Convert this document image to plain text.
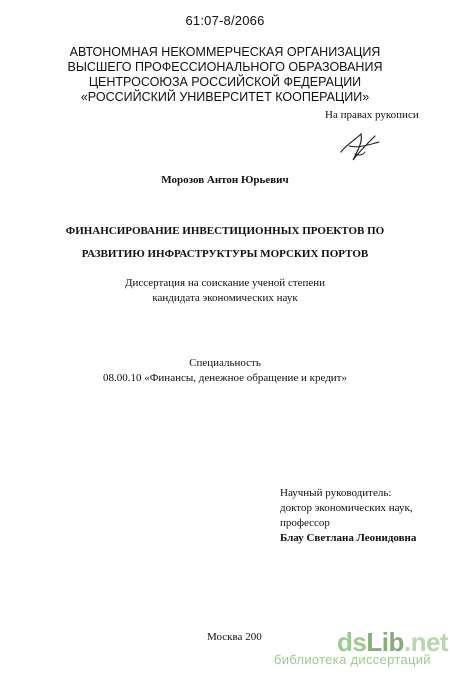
61:07-8/2066
АВТОНОМНАЯ НЕКОММЕРЧЕСКАЯ ОРГАНИЗАЦИЯ
ВЫСШЕГО ПРОФЕССИОНАЛЬНОГО ОБРАЗОВАНИЯ
ЦЕНТРОСОЮЗА РОССИЙСКОЙ ФЕДЕРАЦИИ
«РОССИЙСКИЙ УНИВЕРСИТЕТ КООПЕРАЦИИ»
На правах рукописи
Морозов Антон Юрьевич
ФИНАНСИРОВАНИЕ ИНВЕСТИЦИОННЫХ ПРОЕКТОВ ПО
РАЗВИТИЮ ИНФРАСТРУКТУРЫ МОРСКИХ ПОРТОВ
Диссертация на соискание ученой степени
кандидата экономических наук
Специальность
08.00.10 «Финансы, денежное обращение и кредит»
Научный руководитель:
доктор экономических наук,
профессор
Блау Светлана Леонидовна
Москва 200	dsLib.net
библиотека диссертаций
